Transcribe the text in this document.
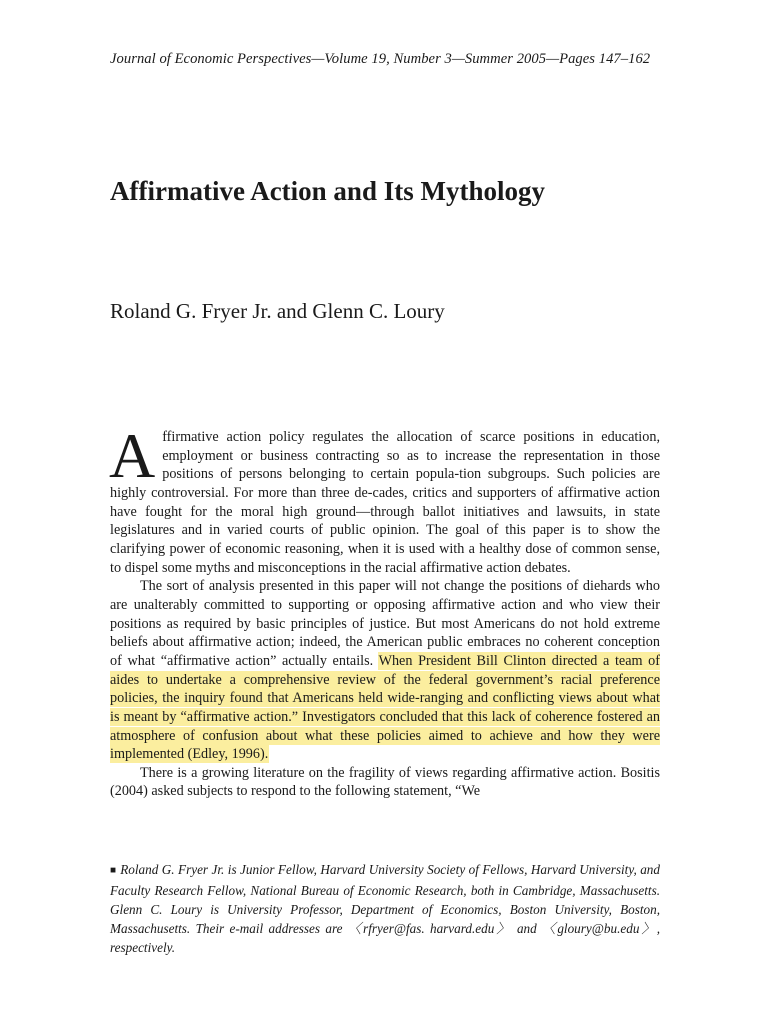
Journal of Economic Perspectives—Volume 19, Number 3—Summer 2005—Pages 147–162
Affirmative Action and Its Mythology
Roland G. Fryer Jr. and Glenn C. Loury

Affirmative action policy regulates the allocation of scarce positions in education, employment or business contracting so as to increase the representation in those positions of persons belonging to certain popula-tion subgroups. Such policies are highly controversial. For more than three de-cades, critics and supporters of affirmative action have fought for the moral high ground—through ballot initiatives and lawsuits, in state legislatures and in varied courts of public opinion. The goal of this paper is to show the clarifying power of economic reasoning, when it is used with a healthy dose of common sense, to dispel some myths and misconceptions in the racial affirmative action debates.

The sort of analysis presented in this paper will not change the positions of diehards who are unalterably committed to supporting or opposing affirmative action and who view their positions as required by basic principles of justice. But most Americans do not hold extreme beliefs about affirmative action; indeed, the American public embraces no coherent conception of what “affirmative action” actually entails. When President Bill Clinton directed a team of aides to undertake a comprehensive review of the federal government’s racial preference policies, the inquiry found that Americans held wide-ranging and conflicting views about what is meant by “affirmative action.” Investigators concluded that this lack of coherence fostered an atmosphere of confusion about what these policies aimed to achieve and how they were implemented (Edley, 1996).

There is a growing literature on the fragility of views regarding affirmative action. Bositis (2004) asked subjects to respond to the following statement, “We

■ Roland G. Fryer Jr. is Junior Fellow, Harvard University Society of Fellows, Harvard University, and Faculty Research Fellow, National Bureau of Economic Research, both in Cambridge, Massachusetts. Glenn C. Loury is University Professor, Department of Economics, Boston University, Boston, Massachusetts. Their e-mail addresses are 〈rfryer@fas. harvard.edu〉 and 〈gloury@bu.edu〉, respectively.
